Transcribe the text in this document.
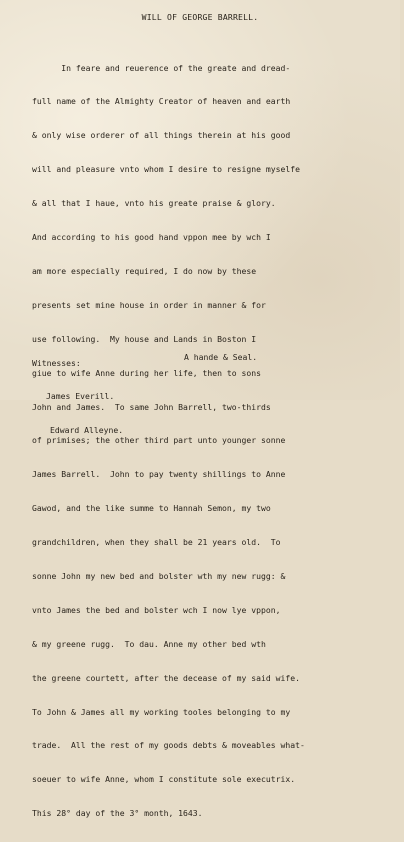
WILL OF GEORGE BARRELL.

In feare and reuerence of the greate and dread-

full name of the Almighty Creator of heaven and earth

& only wise orderer of all things therein at his good

will and pleasure vnto whom I desire to resigne myselfe

& all that I haue, vnto his greate praise & glory.

And according to his good hand vppon mee by wch I

am more especially required, I do now by these

presents set mine house in order in manner & for

use following.  My house and Lands in Boston I

giue to wife Anne during her life, then to sons

John and James.  To same John Barrell, two-thirds

of primises; the other third part unto younger sonne

James Barrell.  John to pay twenty shillings to Anne

Gawod, and the like summe to Hannah Semon, my two

grandchildren, when they shall be 21 years old.  To

sonne John my new bed and bolster wth my new rugg: &

vnto James the bed and bolster wch I now lye vppon,

& my greene rugg.  To dau. Anne my other bed wth

the greene courtett, after the decease of my said wife.

To John & James all my working tooles belonging to my

trade.  All the rest of my goods debts & moveables what-

soeuer to wife Anne, whom I constitute sole executrix.

This 28° day of the 3° month, 1643.

Witnesses:

James Everill.

Edward Alleyne.

A hande & Seal.
